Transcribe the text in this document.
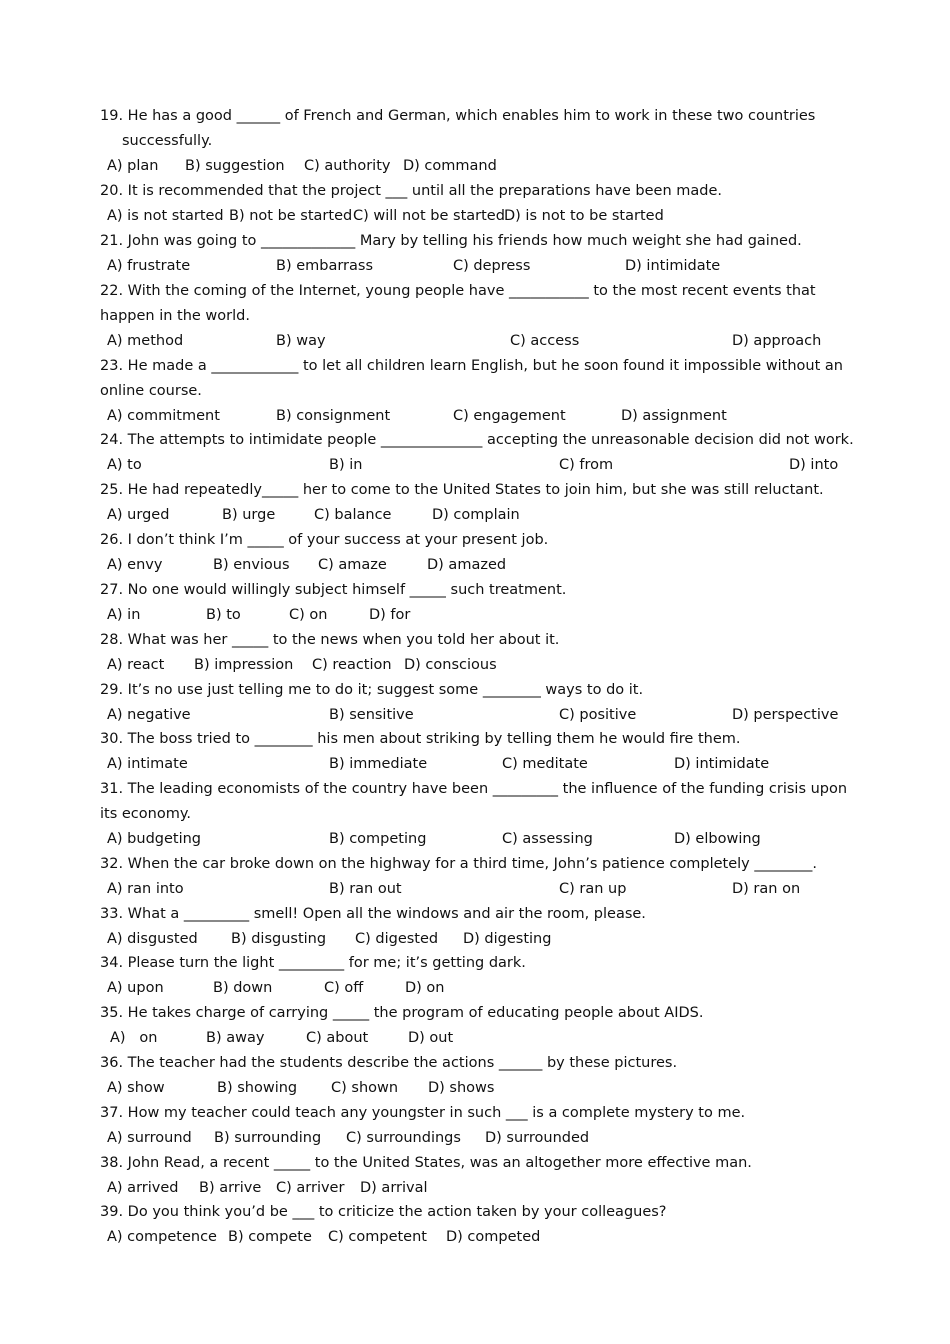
19. He has a good ______ of French and German, which enables him to work in these two countries
successfully.
A) plan B) suggestion C) authority D) command
20. It is recommended that the project ___ until all the preparations have been made.
A) is not started B) not be started C) will not be started D) is not to be started
21. John was going to _____________ Mary by telling his friends how much weight she had gained.
A) frustrate	B) embarrass	C) depress	D) intimidate
22. With the coming of the Internet, young people have ___________ to the most recent events that happen in the world.
A) method	B) way	C) access	D) approach
23. He made a ____________ to let all children learn English, but he soon found it impossible without an online course.
A) commitment	B) consignment	C) engagement	D) assignment
24. The attempts to intimidate people ______________ accepting the unreasonable decision did not work.
A) to	B) in	C) from	D) into
25. He had repeatedly_____ her to come to the United States to join him, but she was still reluctant.
A) urged	B) urge	C) balance	D) complain
26. I don’t think I’m _____ of your success at your present job.
A) envy	B) envious C) amaze	D) amazed
27. No one would willingly subject himself _____ such treatment.
A) in	B) to	C) on	D) for
28. What was her _____ to the news when you told her about it.
A) react B) impression C) reaction D) conscious
29. It’s no use just telling me to do it; suggest some ________ ways to do it.
A) negative	B) sensitive	C) positive	D) perspective
30. The boss tried to ________ his men about striking by telling them he would fire them.
A) intimate	B) immediate	C) meditate	D) intimidate
31. The leading economists of the country have been _________ the influence of the funding crisis upon its economy.
A) budgeting	B) competing	C) assessing	D) elbowing
32. When the car broke down on the highway for a third time, John’s patience completely ________.
A) ran into	B) ran out	C) ran up	D) ran on
33. What a _________ smell! Open all the windows and air the room, please.
A) disgusted B) disgusting C) digested D) digesting
34. Please turn the light _________ for me; it’s getting dark.
A) upon	B) down	C) off	D) on
35. He takes charge of carrying _____ the program of educating people about AIDS.
A)   on	B) away	C) about	D) out
36. The teacher had the students describe the actions ______ by these pictures.
A) show	B) showing C) shown D) shows
37. How my teacher could teach any youngster in such ___ is a complete mystery to me.
A) surround B) surrounding C) surroundings D) surrounded
38. John Read, a recent _____ to the United States, was an altogether more effective man.
A) arrived B) arrive C) arriver D) arrival
39. Do you think you’d be ___ to criticize the action taken by your colleagues?
A) competence B) compete C) competent D) competed
